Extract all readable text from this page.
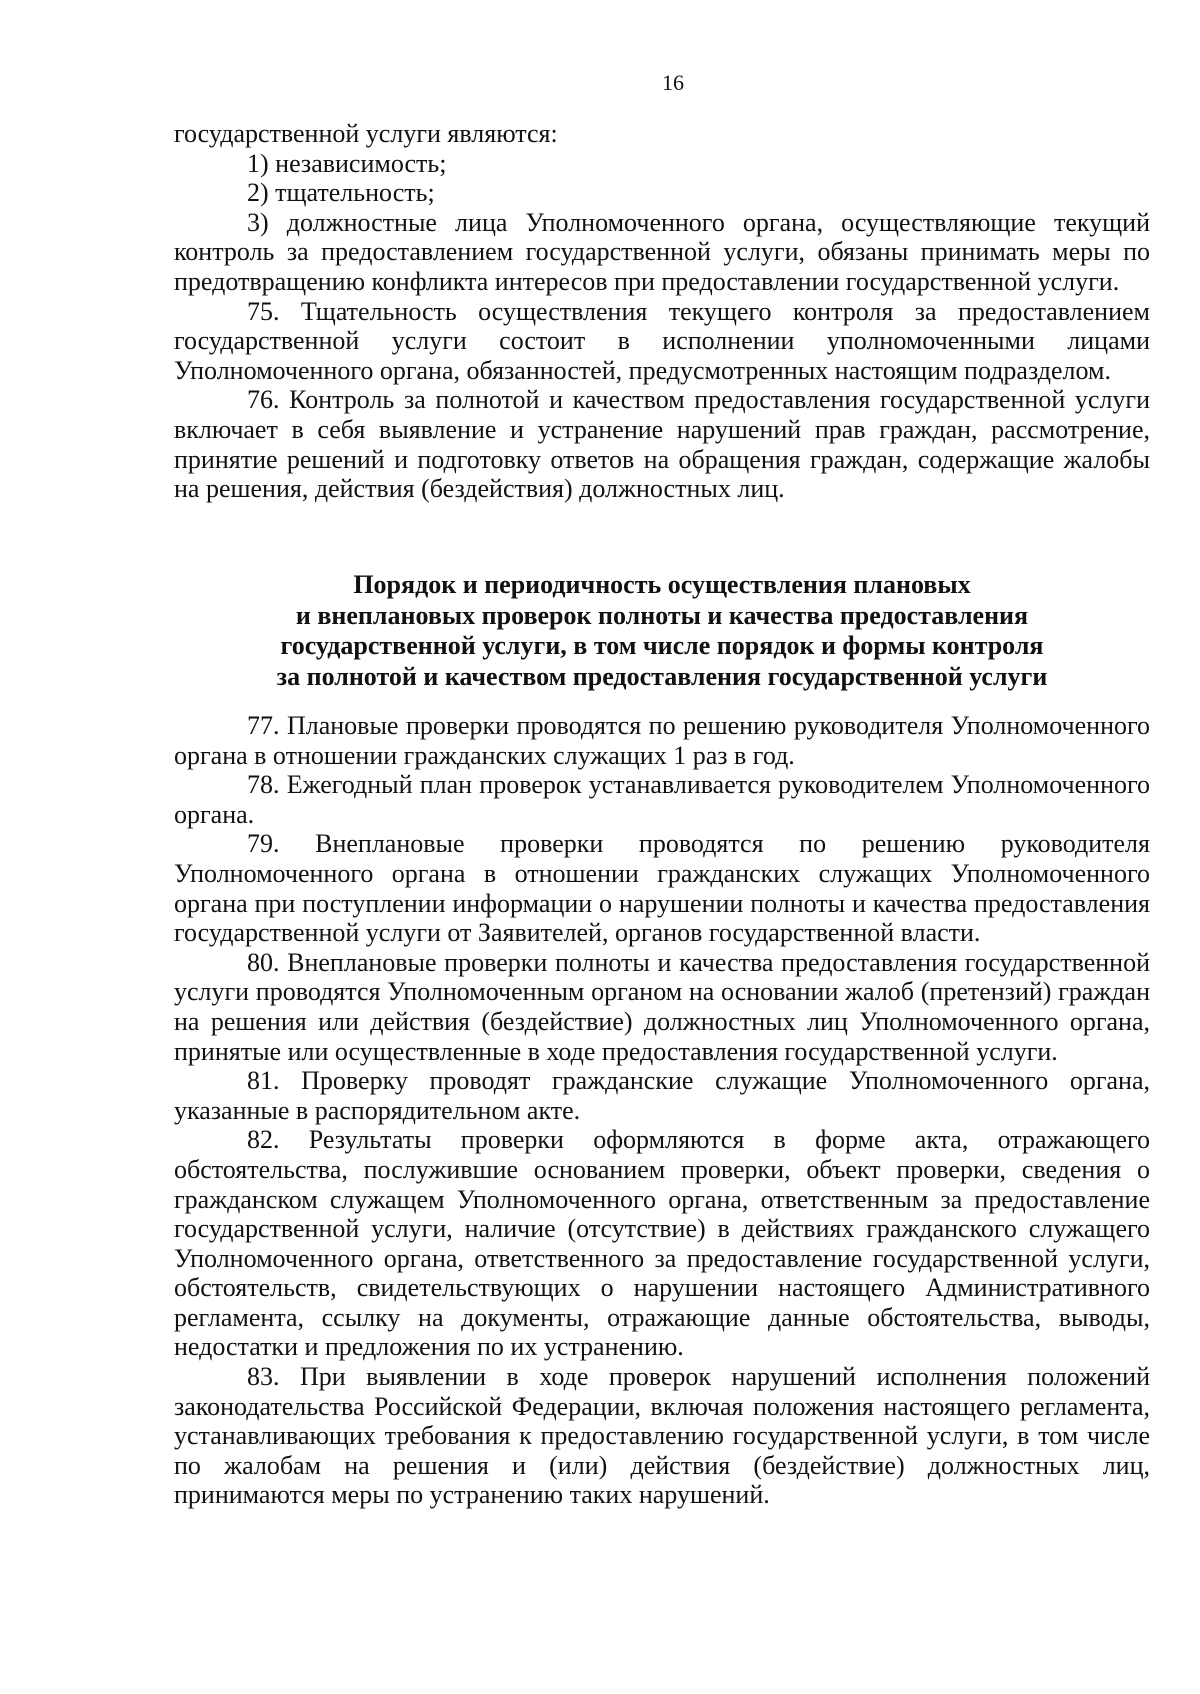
16

государственной услуги являются:

1) независимость;

2) тщательность;

3) должностные лица Уполномоченного органа, осуществляющие текущий контроль за предоставлением государственной услуги, обязаны принимать меры по предотвращению конфликта интересов при предоставлении государственной услуги.

75. Тщательность осуществления текущего контроля за предоставлением государственной услуги состоит в исполнении уполномоченными лицами Уполномоченного органа, обязанностей, предусмотренных настоящим подразделом.

76. Контроль за полнотой и качеством предоставления государственной услуги включает в себя выявление и устранение нарушений прав граждан, рассмотрение, принятие решений и подготовку ответов на обращения граждан, содержащие жалобы на решения, действия (бездействия) должностных лиц.

Порядок и периодичность осуществления плановых
и внеплановых проверок полноты и качества предоставления
государственной услуги, в том числе порядок и формы контроля
за полнотой и качеством предоставления государственной услуги

77. Плановые проверки проводятся по решению руководителя Уполномоченного органа в отношении гражданских служащих 1 раз в год.

78. Ежегодный план проверок устанавливается руководителем Уполномоченного органа.

79. Внеплановые проверки проводятся по решению руководителя Уполномоченного органа в отношении гражданских служащих Уполномоченного органа при поступлении информации о нарушении полноты и качества предоставления государственной услуги от Заявителей, органов государственной власти.

80. Внеплановые проверки полноты и качества предоставления государственной услуги проводятся Уполномоченным органом на основании жалоб (претензий) граждан на решения или действия (бездействие) должностных лиц Уполномоченного органа, принятые или осуществленные в ходе предоставления государственной услуги.

81. Проверку проводят гражданские служащие Уполномоченного органа, указанные в распорядительном акте.

82. Результаты проверки оформляются в форме акта, отражающего обстоятельства, послужившие основанием проверки, объект проверки, сведения о гражданском служащем Уполномоченного органа, ответственным за предоставление государственной услуги, наличие (отсутствие) в действиях гражданского служащего Уполномоченного органа, ответственного за предоставление государственной услуги, обстоятельств, свидетельствующих о нарушении настоящего Административного регламента, ссылку на документы, отражающие данные обстоятельства, выводы, недостатки и предложения по их устранению.

83. При выявлении в ходе проверок нарушений исполнения положений законодательства Российской Федерации, включая положения настоящего регламента, устанавливающих требования к предоставлению государственной услуги, в том числе по жалобам на решения и (или) действия (бездействие) должностных лиц, принимаются меры по устранению таких нарушений.
